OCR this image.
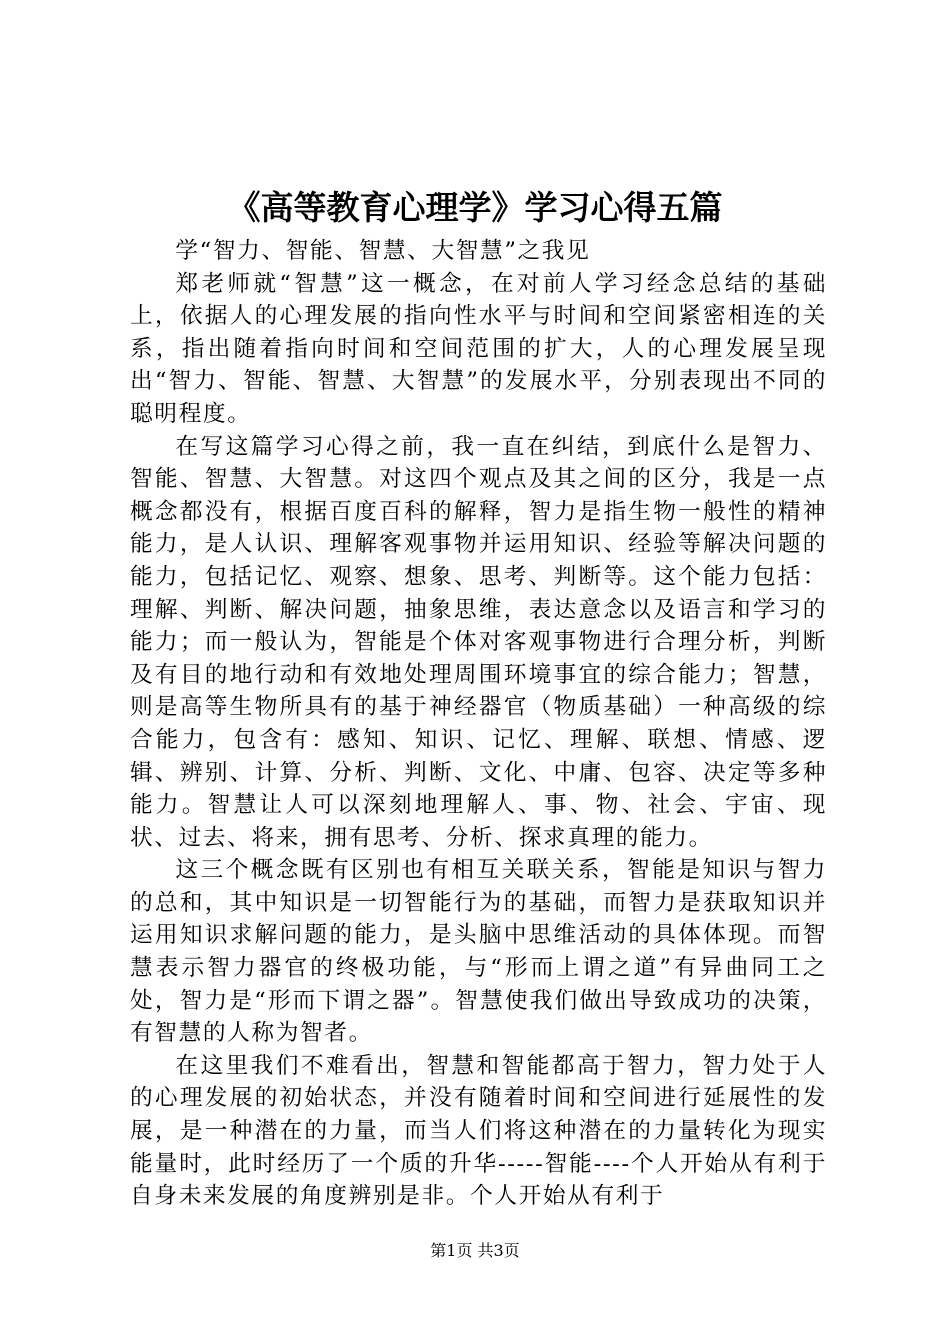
《高等教育心理学》学习心得五篇

学“智力、智能、智慧、大智慧”之我见

郑老师就“智慧”这一概念，在对前人学习经念总结的基础上，依据人的心理发展的指向性水平与时间和空间紧密相连的关系，指出随着指向时间和空间范围的扩大，人的心理发展呈现出“智力、智能、智慧、大智慧”的发展水平，分别表现出不同的聪明程度。

在写这篇学习心得之前，我一直在纠结，到底什么是智力、智能、智慧、大智慧。对这四个观点及其之间的区分，我是一点概念都没有，根据百度百科的解释，智力是指生物一般性的精神能力，是人认识、理解客观事物并运用知识、经验等解决问题的能力，包括记忆、观察、想象、思考、判断等。这个能力包括：理解、判断、解决问题，抽象思维，表达意念以及语言和学习的能力；而一般认为，智能是个体对客观事物进行合理分析，判断及有目的地行动和有效地处理周围环境事宜的综合能力；智慧，则是高等生物所具有的基于神经器官（物质基础）一种高级的综合能力，包含有：感知、知识、记忆、理解、联想、情感、逻辑、辨别、计算、分析、判断、文化、中庸、包容、决定等多种能力。智慧让人可以深刻地理解人、事、物、社会、宇宙、现状、过去、将来，拥有思考、分析、探求真理的能力。

这三个概念既有区别也有相互关联关系，智能是知识与智力的总和，其中知识是一切智能行为的基础，而智力是获取知识并运用知识求解问题的能力，是头脑中思维活动的具体体现。而智慧表示智力器官的终极功能，与“形而上谓之道”有异曲同工之处，智力是“形而下谓之器”。智慧使我们做出导致成功的决策，有智慧的人称为智者。

在这里我们不难看出，智慧和智能都高于智力，智力处于人的心理发展的初始状态，并没有随着时间和空间进行延展性的发展，是一种潜在的力量，而当人们将这种潜在的力量转化为现实能量时，此时经历了一个质的升华-----智能----个人开始从有利于自身未来发展的角度辨别是非。个人开始从有利于

第1页 共3页
